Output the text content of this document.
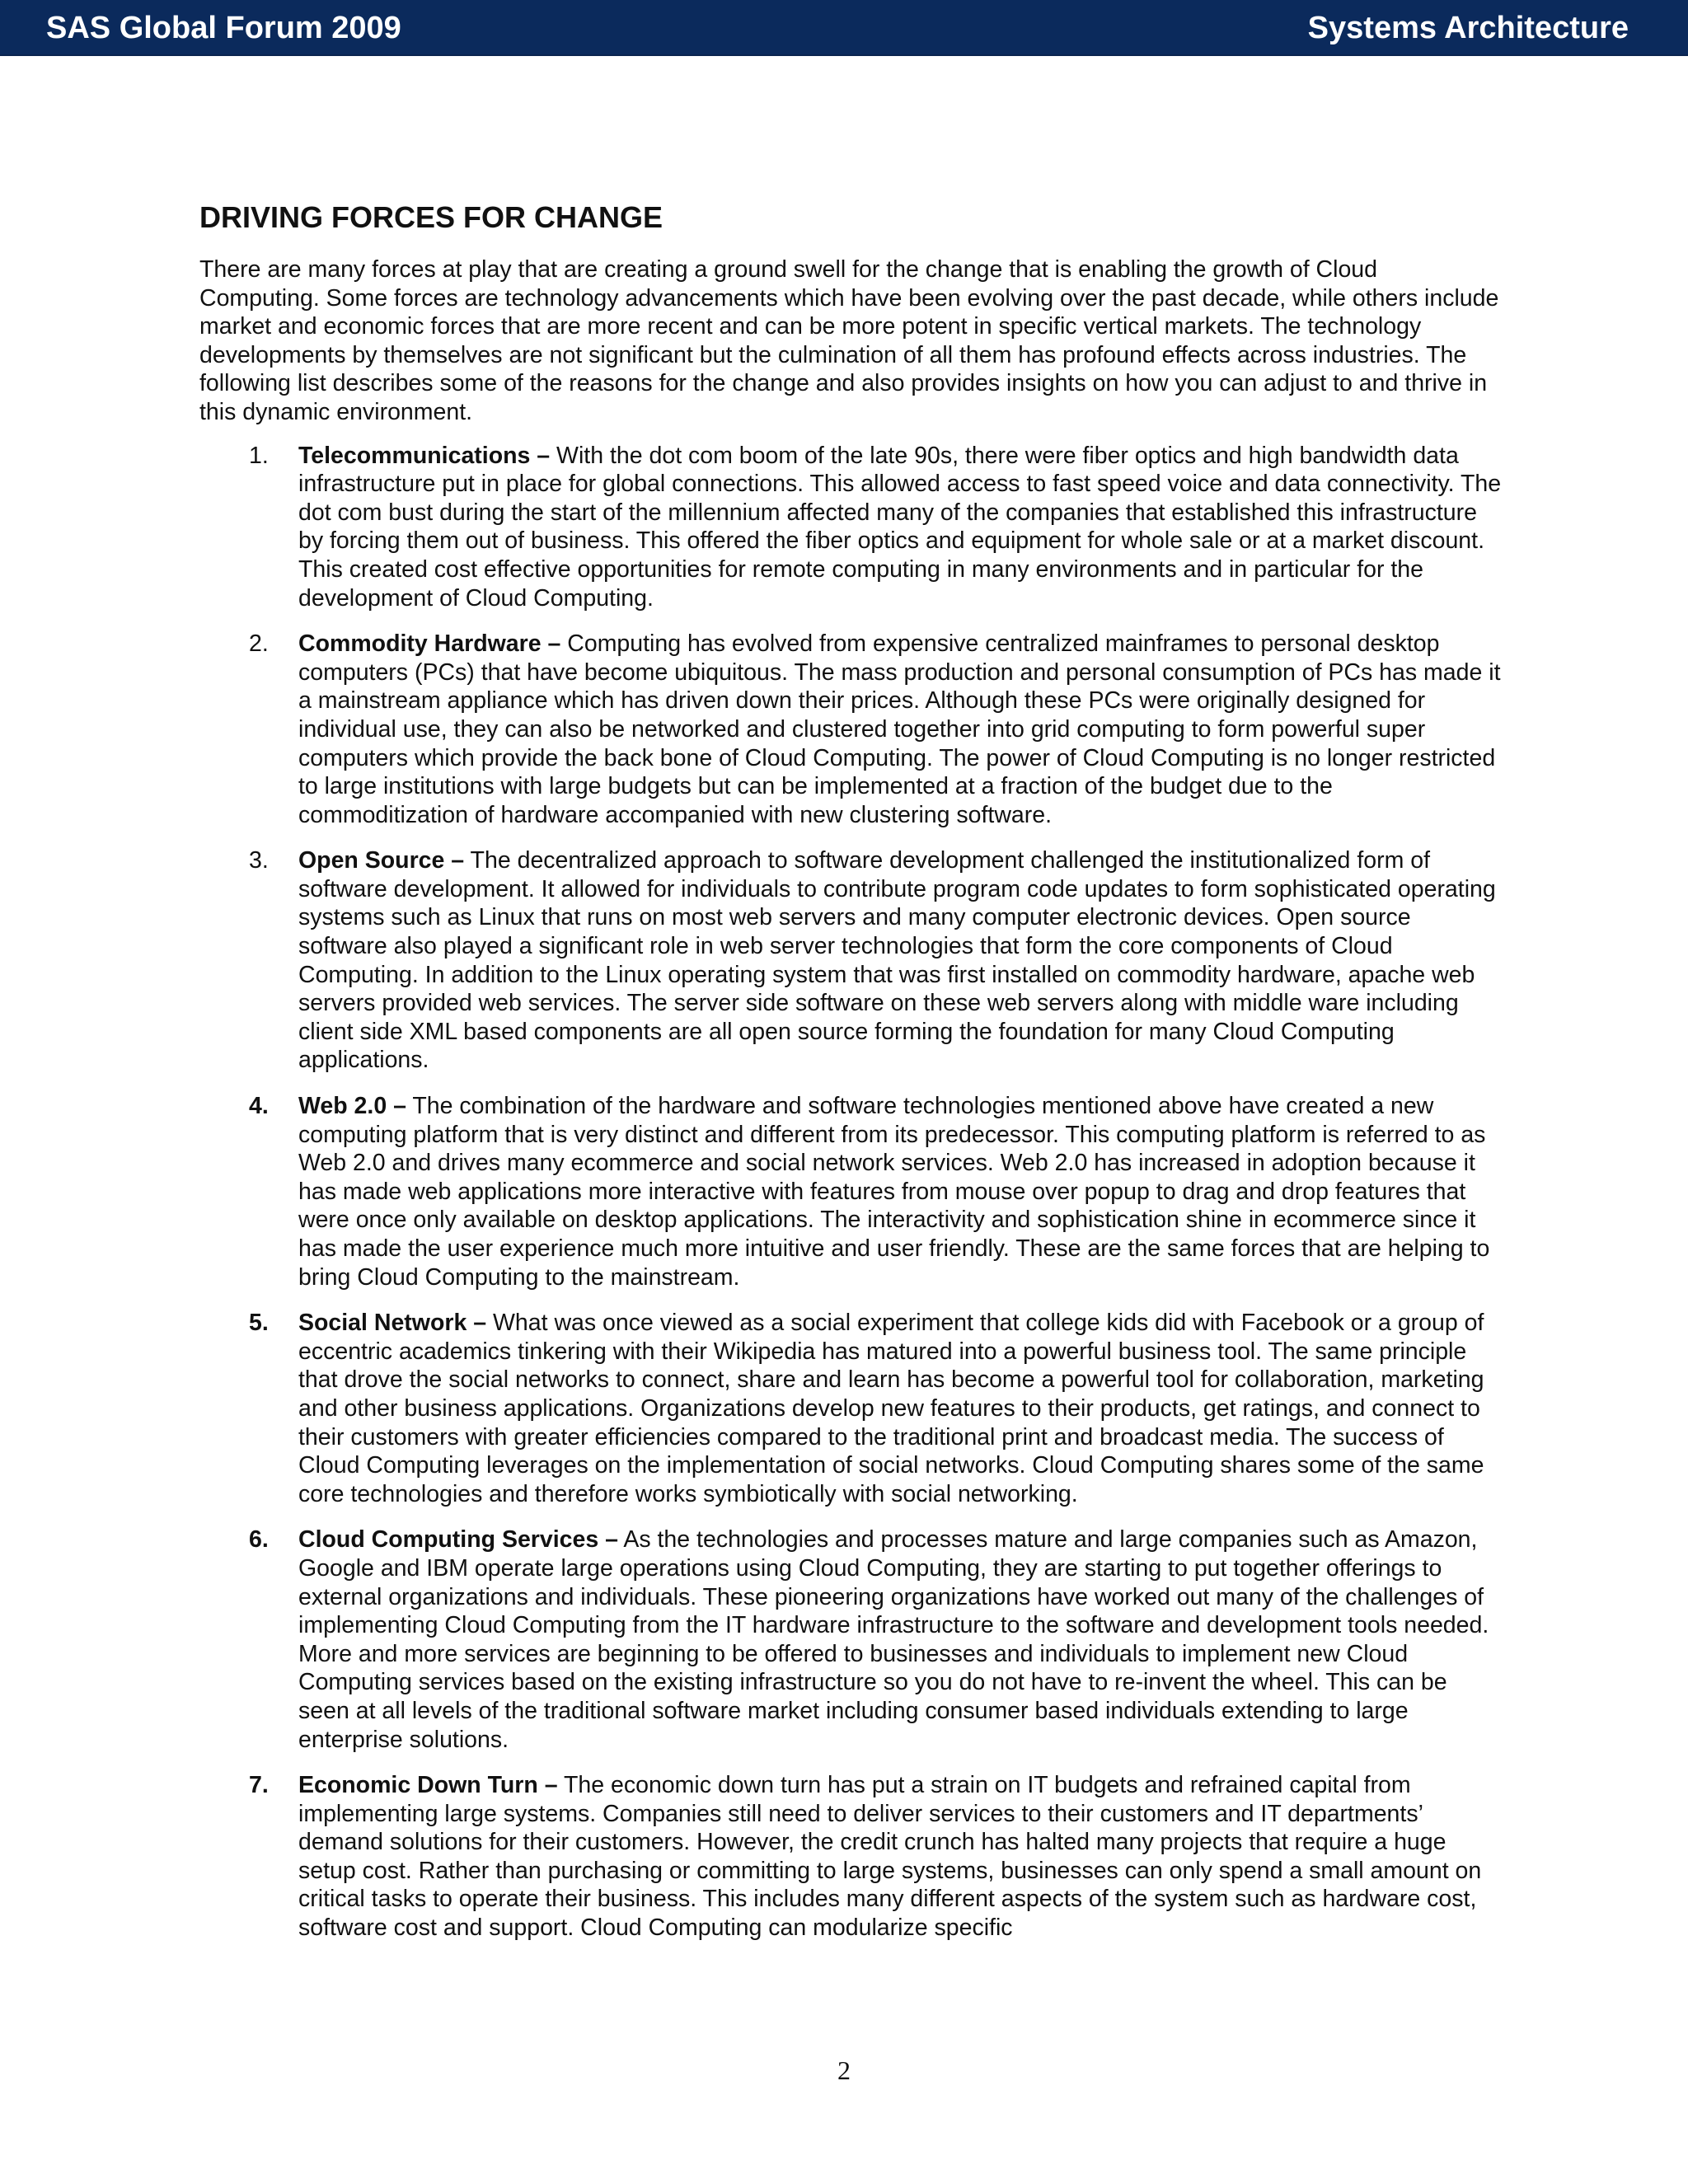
SAS Global Forum 2009	Systems Architecture
DRIVING FORCES FOR CHANGE

There are many forces at play that are creating a ground swell for the change that is enabling the growth of Cloud Computing. Some forces are technology advancements which have been evolving over the past decade, while others include market and economic forces that are more recent and can be more potent in specific vertical markets. The technology developments by themselves are not significant but the culmination of all them has profound effects across industries. The following list describes some of the reasons for the change and also provides insights on how you can adjust to and thrive in this dynamic environment.

1. Telecommunications – With the dot com boom of the late 90s, there were fiber optics and high bandwidth data infrastructure put in place for global connections. This allowed access to fast speed voice and data connectivity. The dot com bust during the start of the millennium affected many of the companies that established this infrastructure by forcing them out of business. This offered the fiber optics and equipment for whole sale or at a market discount. This created cost effective opportunities for remote computing in many environments and in particular for the development of Cloud Computing.
2. Commodity Hardware – Computing has evolved from expensive centralized mainframes to personal desktop computers (PCs) that have become ubiquitous. The mass production and personal consumption of PCs has made it a mainstream appliance which has driven down their prices. Although these PCs were originally designed for individual use, they can also be networked and clustered together into grid computing to form powerful super computers which provide the back bone of Cloud Computing. The power of Cloud Computing is no longer restricted to large institutions with large budgets but can be implemented at a fraction of the budget due to the commoditization of hardware accompanied with new clustering software.
3. Open Source – The decentralized approach to software development challenged the institutionalized form of software development. It allowed for individuals to contribute program code updates to form sophisticated operating systems such as Linux that runs on most web servers and many computer electronic devices. Open source software also played a significant role in web server technologies that form the core components of Cloud Computing. In addition to the Linux operating system that was first installed on commodity hardware, apache web servers provided web services. The server side software on these web servers along with middle ware including client side XML based components are all open source forming the foundation for many Cloud Computing applications.
4. Web 2.0 – The combination of the hardware and software technologies mentioned above have created a new computing platform that is very distinct and different from its predecessor. This computing platform is referred to as Web 2.0 and drives many ecommerce and social network services. Web 2.0 has increased in adoption because it has made web applications more interactive with features from mouse over popup to drag and drop features that were once only available on desktop applications. The interactivity and sophistication shine in ecommerce since it has made the user experience much more intuitive and user friendly. These are the same forces that are helping to bring Cloud Computing to the mainstream.
5. Social Network – What was once viewed as a social experiment that college kids did with Facebook or a group of eccentric academics tinkering with their Wikipedia has matured into a powerful business tool. The same principle that drove the social networks to connect, share and learn has become a powerful tool for collaboration, marketing and other business applications. Organizations develop new features to their products, get ratings, and connect to their customers with greater efficiencies compared to the traditional print and broadcast media. The success of Cloud Computing leverages on the implementation of social networks. Cloud Computing shares some of the same core technologies and therefore works symbiotically with social networking.
6. Cloud Computing Services – As the technologies and processes mature and large companies such as Amazon, Google and IBM operate large operations using Cloud Computing, they are starting to put together offerings to external organizations and individuals. These pioneering organizations have worked out many of the challenges of implementing Cloud Computing from the IT hardware infrastructure to the software and development tools needed. More and more services are beginning to be offered to businesses and individuals to implement new Cloud Computing services based on the existing infrastructure so you do not have to re-invent the wheel. This can be seen at all levels of the traditional software market including consumer based individuals extending to large enterprise solutions.
7. Economic Down Turn – The economic down turn has put a strain on IT budgets and refrained capital from implementing large systems. Companies still need to deliver services to their customers and IT departments’ demand solutions for their customers. However, the credit crunch has halted many projects that require a huge setup cost. Rather than purchasing or committing to large systems, businesses can only spend a small amount on critical tasks to operate their business. This includes many different aspects of the system such as hardware cost, software cost and support. Cloud Computing can modularize specific
2
